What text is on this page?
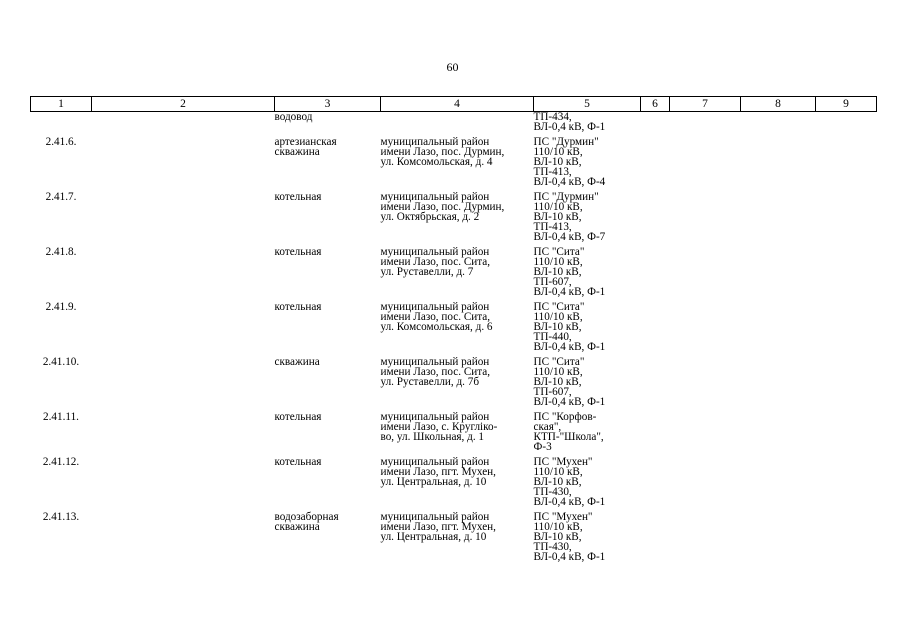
60
1	2	3	4	5	6	7	8	9
		водовод		ТП-434,
ВЛ-0,4 кВ, Ф-1				
2.41.6.		артезианская
скважина	муниципальный район
имени Лазо, пос. Дурмин,
ул. Комсомольская, д. 4	ПС "Дурмин"
110/10 кВ,
ВЛ-10 кВ,
ТП-413,
ВЛ-0,4 кВ, Ф-4				
2.41.7.		котельная	муниципальный район
имени Лазо, пос. Дурмин,
ул. Октябрьская, д. 2	ПС "Дурмин"
110/10 кВ,
ВЛ-10 кВ,
ТП-413,
ВЛ-0,4 кВ, Ф-7				
2.41.8.		котельная	муниципальный район
имени Лазо, пос. Сита,
ул. Руставелли, д. 7	ПС "Сита"
110/10 кВ,
ВЛ-10 кВ,
ТП-607,
ВЛ-0,4 кВ, Ф-1				
2.41.9.		котельная	муниципальный район
имени Лазо, пос. Сита,
ул. Комсомольская, д. 6	ПС "Сита"
110/10 кВ,
ВЛ-10 кВ,
ТП-440,
ВЛ-0,4 кВ, Ф-1				
2.41.10.		скважина	муниципальный район
имени Лазо, пос. Сита,
ул. Руставелли, д. 7б	ПС "Сита"
110/10 кВ,
ВЛ-10 кВ,
ТП-607,
ВЛ-0,4 кВ, Ф-1				
2.41.11.		котельная	муниципальный район
имени Лазо, с. Кругліко-
во, ул. Школьная, д. 1	ПС "Корфов-
ская",
КТП-"Школа",
Ф-3				
2.41.12.		котельная	муниципальный район
имени Лазо, пгт. Мухен,
ул. Центральная, д. 10	ПС "Мухен"
110/10 кВ,
ВЛ-10 кВ,
ТП-430,
ВЛ-0,4 кВ, Ф-1				
2.41.13.		водозаборная
скважина	муниципальный район
имени Лазо, пгт. Мухен,
ул. Центральная, д. 10	ПС "Мухен"
110/10 кВ,
ВЛ-10 кВ,
ТП-430,
ВЛ-0,4 кВ, Ф-1				
